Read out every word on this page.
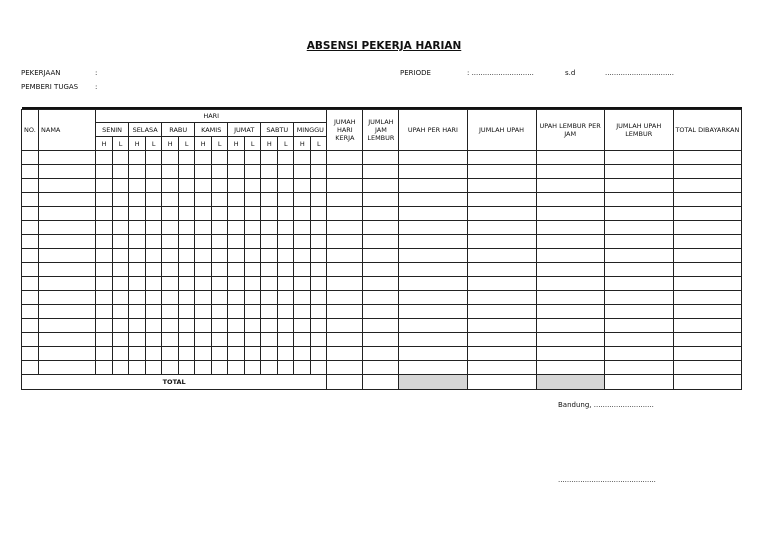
ABSENSI PEKERJA HARIAN
PEKERJAAN	:
PEMBERI TUGAS :
PERIODE	: ............................	s.d	...............................

NO.	NAMA	HARI														JUMAH HARI KERJA	JUMLAH JAM LEMBUR	UPAH PER HARI	JUMLAH UPAH	UPAH LEMBUR PER JAM	JUMLAH UPAH LEMBUR	TOTAL DIBAYARKAN
		SENIN		SELASA		RABU		KAMIS		JUMAT		SABTU		MINGGU								
		H	L	H	L	H	L	H	L	H	L	H	L	H	L							

TOTAL																						
Bandung, ...........................
............................................
